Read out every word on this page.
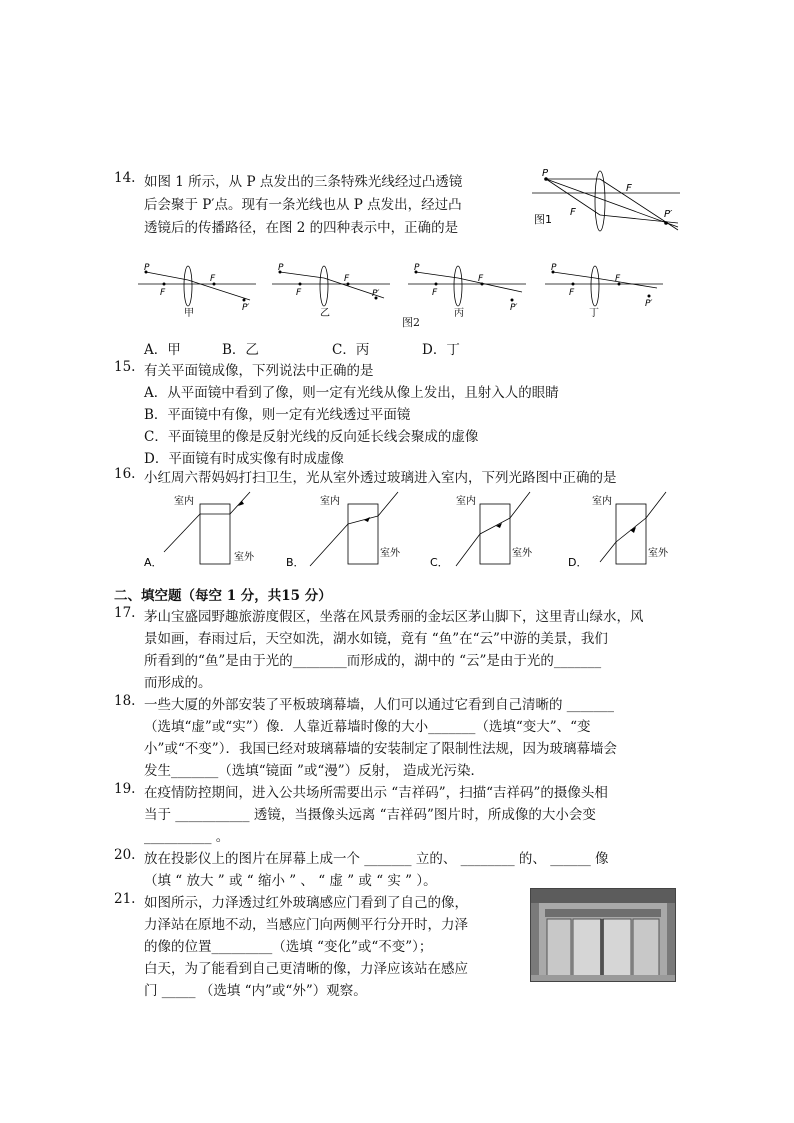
14. 如图 1 所示，从 P 点发出的三条特殊光线经过凸透镜
后会聚于 P′点。现有一条光线也从 P 点发出，经过凸
透镜后的传播路径，在图 2 的四种表示中，正确的是
P
F
F
P′
图1
P
F
F
P′
甲
P
F
F
P′
乙
P
F
F
P′
丙
P
F
F
P′
丁
图2
A．甲	B．乙	C．丙	D．丁
15. 有关平面镜成像，下列说法中正确的是
A．从平面镜中看到了像，则一定有光线从像上发出，且射入人的眼睛
B．平面镜中有像，则一定有光线透过平面镜
C．平面镜里的像是反射光线的反向延长线会聚成的虚像
D．平面镜有时成实像有时成虚像
16. 小红周六帮妈妈打扫卫生，光从室外透过玻璃进入室内，下列光路图中正确的是
室内
室外
A．
室内
室外
B．
室内
室外
C．
室内
室外
D．
二、填空题（每空 1 分，共15 分）
17. 茅山宝盛园野趣旅游度假区，坐落在风景秀丽的金坛区茅山脚下，这里青山绿水，风
景如画，春雨过后，天空如洗，湖水如镜，竟有 “鱼”在“云”中游的美景，我们
所看到的“鱼”是由于光的________而形成的，湖中的 “云”是由于光的_______
而形成的。
18. 一些大厦的外部安装了平板玻璃幕墙，人们可以通过它看到自己清晰的 _______
（选填“虚”或“实”）像．人靠近幕墙时像的大小_______（选填“变大”、“变
小”或“不变”）．我国已经对玻璃幕墙的安装制定了限制性法规，因为玻璃幕墙会
发生_______（选填“镜面 ”或“漫”）反射， 造成光污染．
19. 在疫情防控期间，进入公共场所需要出示 “吉祥码”，扫描“吉祥码”的摄像头相
当于 ___________ 透镜，当摄像头远离 “吉祥码”图片时，所成像的大小会变
__________ 。
20. 放在投影仪上的图片在屏幕上成一个 _______ 立的、 ________ 的、 ______ 像
（填 “ 放大 ” 或 “ 缩小 ” 、 “ 虚 ” 或 “ 实 ” ）。
21. 如图所示，力泽透过红外玻璃感应门看到了自己的像，
力泽站在原地不动，当感应门向两侧平行分开时，力泽
的像的位置_________（选填 “变化”或“不变”）；
白天，为了能看到自己更清晰的像，力泽应该站在感应
门 _____ （选填 “内”或“外”）观察。
